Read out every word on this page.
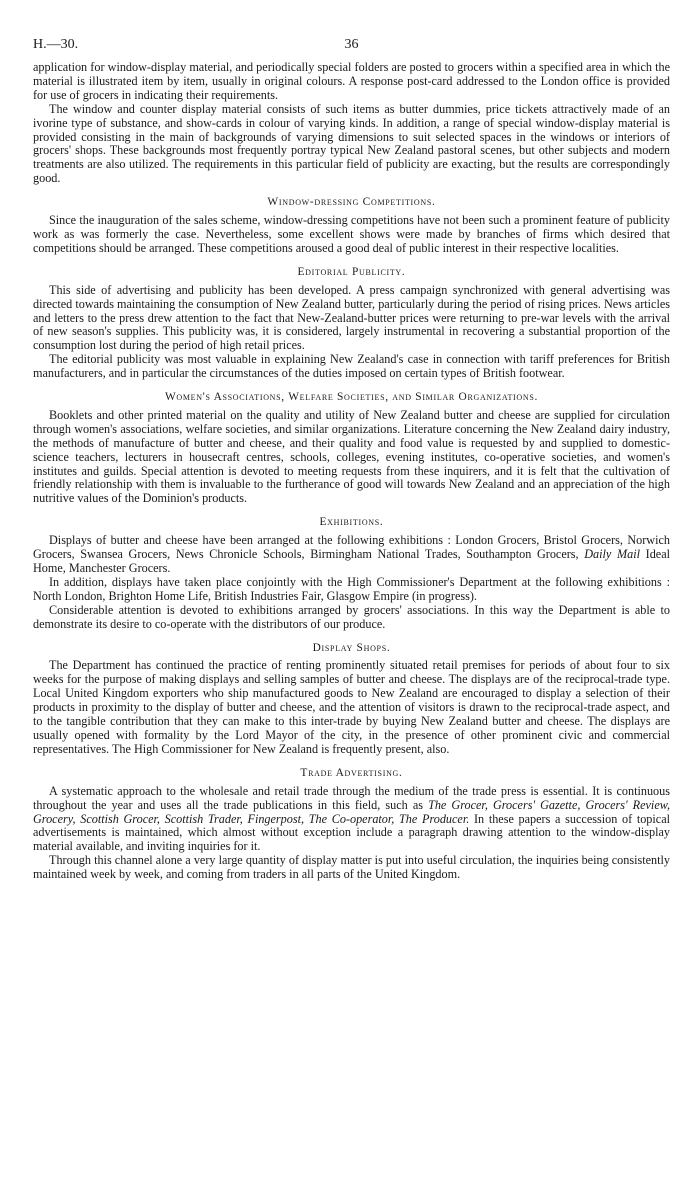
H.—30.	36

application for window-display material, and periodically special folders are posted to grocers within a specified area in which the material is illustrated item by item, usually in original colours. A response post-card addressed to the London office is provided for use of grocers in indicating their requirements.

The window and counter display material consists of such items as butter dummies, price tickets attractively made of an ivorine type of substance, and show-cards in colour of varying kinds. In addition, a range of special window-display material is provided consisting in the main of backgrounds of varying dimensions to suit selected spaces in the windows or interiors of grocers' shops. These backgrounds most frequently portray typical New Zealand pastoral scenes, but other subjects and modern treatments are also utilized. The requirements in this particular field of publicity are exacting, but the results are correspondingly good.

Window-dressing Competitions.

Since the inauguration of the sales scheme, window-dressing competitions have not been such a prominent feature of publicity work as was formerly the case. Nevertheless, some excellent shows were made by branches of firms which desired that competitions should be arranged. These competitions aroused a good deal of public interest in their respective localities.

Editorial Publicity.

This side of advertising and publicity has been developed. A press campaign synchronized with general advertising was directed towards maintaining the consumption of New Zealand butter, particularly during the period of rising prices. News articles and letters to the press drew attention to the fact that New-Zealand-butter prices were returning to pre-war levels with the arrival of new season's supplies. This publicity was, it is considered, largely instrumental in recovering a substantial proportion of the consumption lost during the period of high retail prices.

The editorial publicity was most valuable in explaining New Zealand's case in connection with tariff preferences for British manufacturers, and in particular the circumstances of the duties imposed on certain types of British footwear.

Women's Associations, Welfare Societies, and Similar Organizations.

Booklets and other printed material on the quality and utility of New Zealand butter and cheese are supplied for circulation through women's associations, welfare societies, and similar organizations. Literature concerning the New Zealand dairy industry, the methods of manufacture of butter and cheese, and their quality and food value is requested by and supplied to domestic-science teachers, lecturers in housecraft centres, schools, colleges, evening institutes, co-operative societies, and women's institutes and guilds. Special attention is devoted to meeting requests from these inquirers, and it is felt that the cultivation of friendly relationship with them is invaluable to the furtherance of good will towards New Zealand and an appreciation of the high nutritive values of the Dominion's products.

Exhibitions.

Displays of butter and cheese have been arranged at the following exhibitions : London Grocers, Bristol Grocers, Norwich Grocers, Swansea Grocers, News Chronicle Schools, Birmingham National Trades, Southampton Grocers, Daily Mail Ideal Home, Manchester Grocers.

In addition, displays have taken place conjointly with the High Commissioner's Department at the following exhibitions : North London, Brighton Home Life, British Industries Fair, Glasgow Empire (in progress).

Considerable attention is devoted to exhibitions arranged by grocers' associations. In this way the Department is able to demonstrate its desire to co-operate with the distributors of our produce.

Display Shops.

The Department has continued the practice of renting prominently situated retail premises for periods of about four to six weeks for the purpose of making displays and selling samples of butter and cheese. The displays are of the reciprocal-trade type. Local United Kingdom exporters who ship manufactured goods to New Zealand are encouraged to display a selection of their products in proximity to the display of butter and cheese, and the attention of visitors is drawn to the reciprocal-trade aspect, and to the tangible contribution that they can make to this inter-trade by buying New Zealand butter and cheese. The displays are usually opened with formality by the Lord Mayor of the city, in the presence of other prominent civic and commercial representatives. The High Commissioner for New Zealand is frequently present, also.

Trade Advertising.

A systematic approach to the wholesale and retail trade through the medium of the trade press is essential. It is continuous throughout the year and uses all the trade publications in this field, such as The Grocer, Grocers' Gazette, Grocers' Review, Grocery, Scottish Grocer, Scottish Trader, Fingerpost, The Co-operator, The Producer. In these papers a succession of topical advertisements is maintained, which almost without exception include a paragraph drawing attention to the window-display material available, and inviting inquiries for it.

Through this channel alone a very large quantity of display matter is put into useful circulation, the inquiries being consistently maintained week by week, and coming from traders in all parts of the United Kingdom.
